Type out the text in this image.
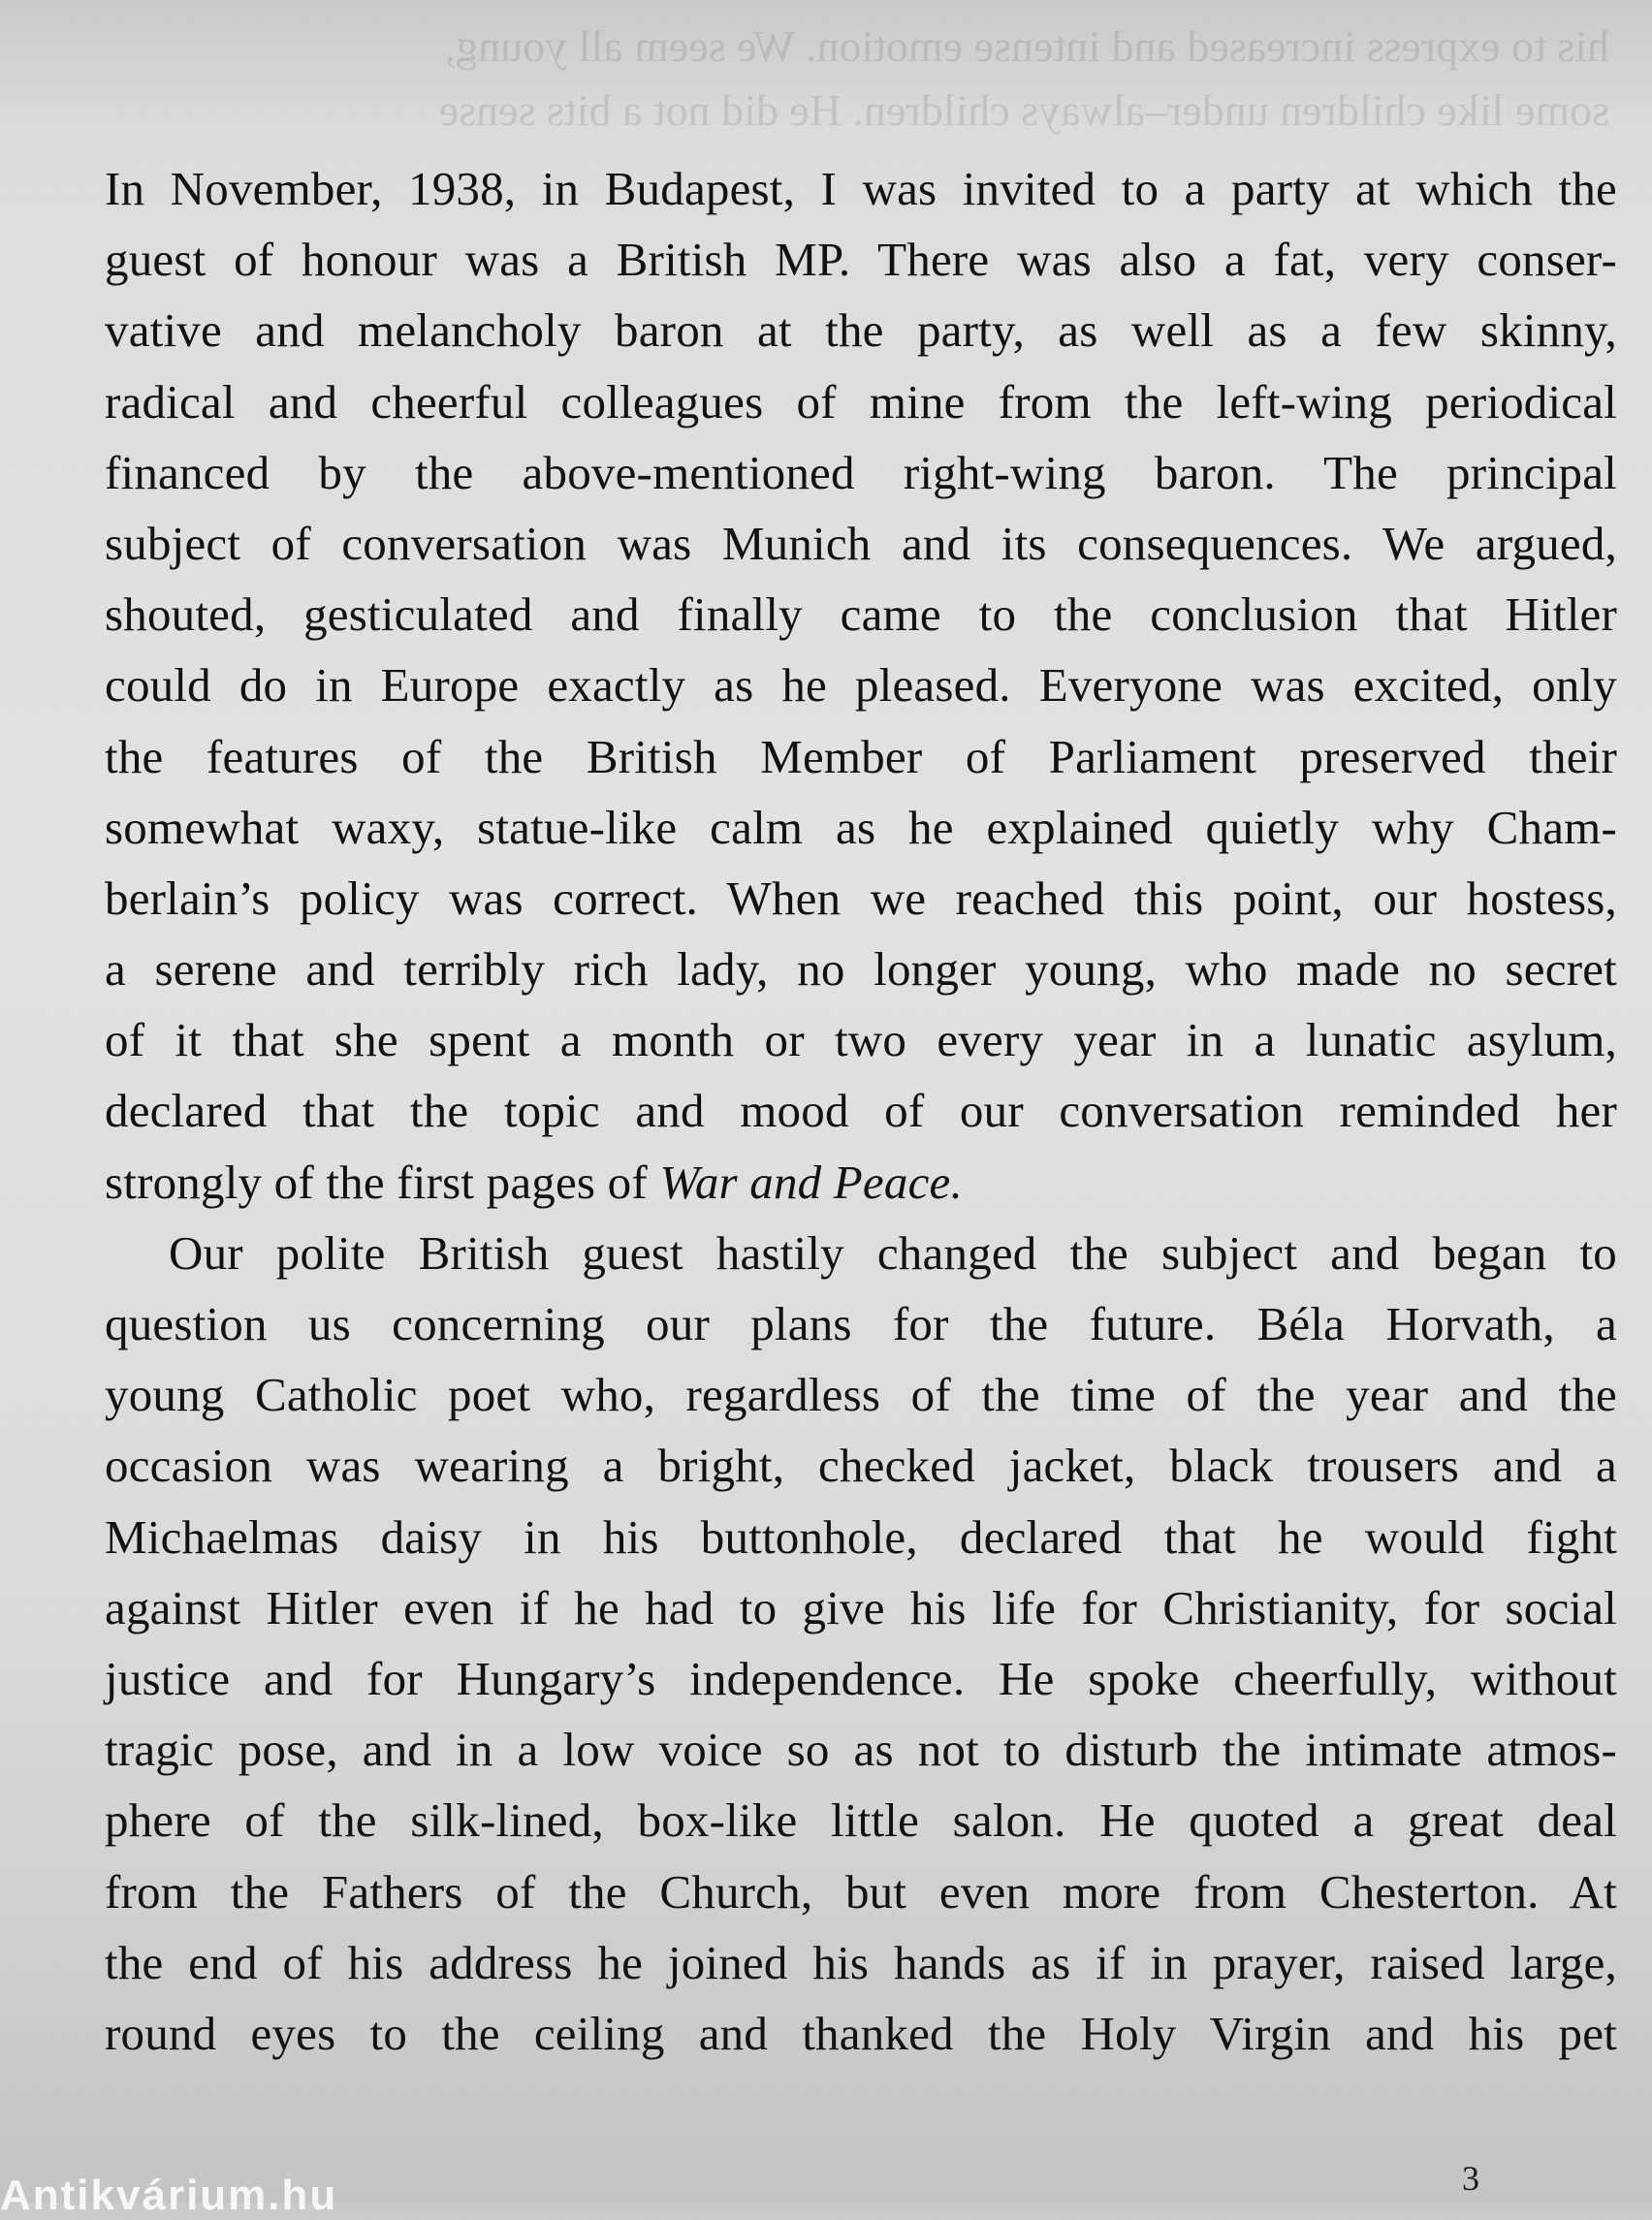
his to express increased and intense emotion. We seem all young,
some like children under–always children. He did not a bits sense
In November, 1938, in Budapest, I was invited to a party at which the
guest of honour was a British MP. There was also a fat, very conser-
vative and melancholy baron at the party, as well as a few skinny,
radical and cheerful colleagues of mine from the left-wing periodical
financed by the above-mentioned right-wing baron. The principal
subject of conversation was Munich and its consequences. We argued,
shouted, gesticulated and finally came to the conclusion that Hitler
could do in Europe exactly as he pleased. Everyone was excited, only
the features of the British Member of Parliament preserved their
somewhat waxy, statue-like calm as he explained quietly why Cham-
berlain’s policy was correct. When we reached this point, our hostess,
a serene and terribly rich lady, no longer young, who made no secret
of it that she spent a month or two every year in a lunatic asylum,
declared that the topic and mood of our conversation reminded her
strongly of the first pages of War and Peace.
Our polite British guest hastily changed the subject and began to
question us concerning our plans for the future. Béla Horvath, a
young Catholic poet who, regardless of the time of the year and the
occasion was wearing a bright, checked jacket, black trousers and a
Michaelmas daisy in his buttonhole, declared that he would fight
against Hitler even if he had to give his life for Christianity, for social
justice and for Hungary’s independence. He spoke cheerfully, without
tragic pose, and in a low voice so as not to disturb the intimate atmos-
phere of the silk-lined, box-like little salon. He quoted a great deal
from the Fathers of the Church, but even more from Chesterton. At
the end of his address he joined his hands as if in prayer, raised large,
round eyes to the ceiling and thanked the Holy Virgin and his pet
3
Antikvárium.hu
